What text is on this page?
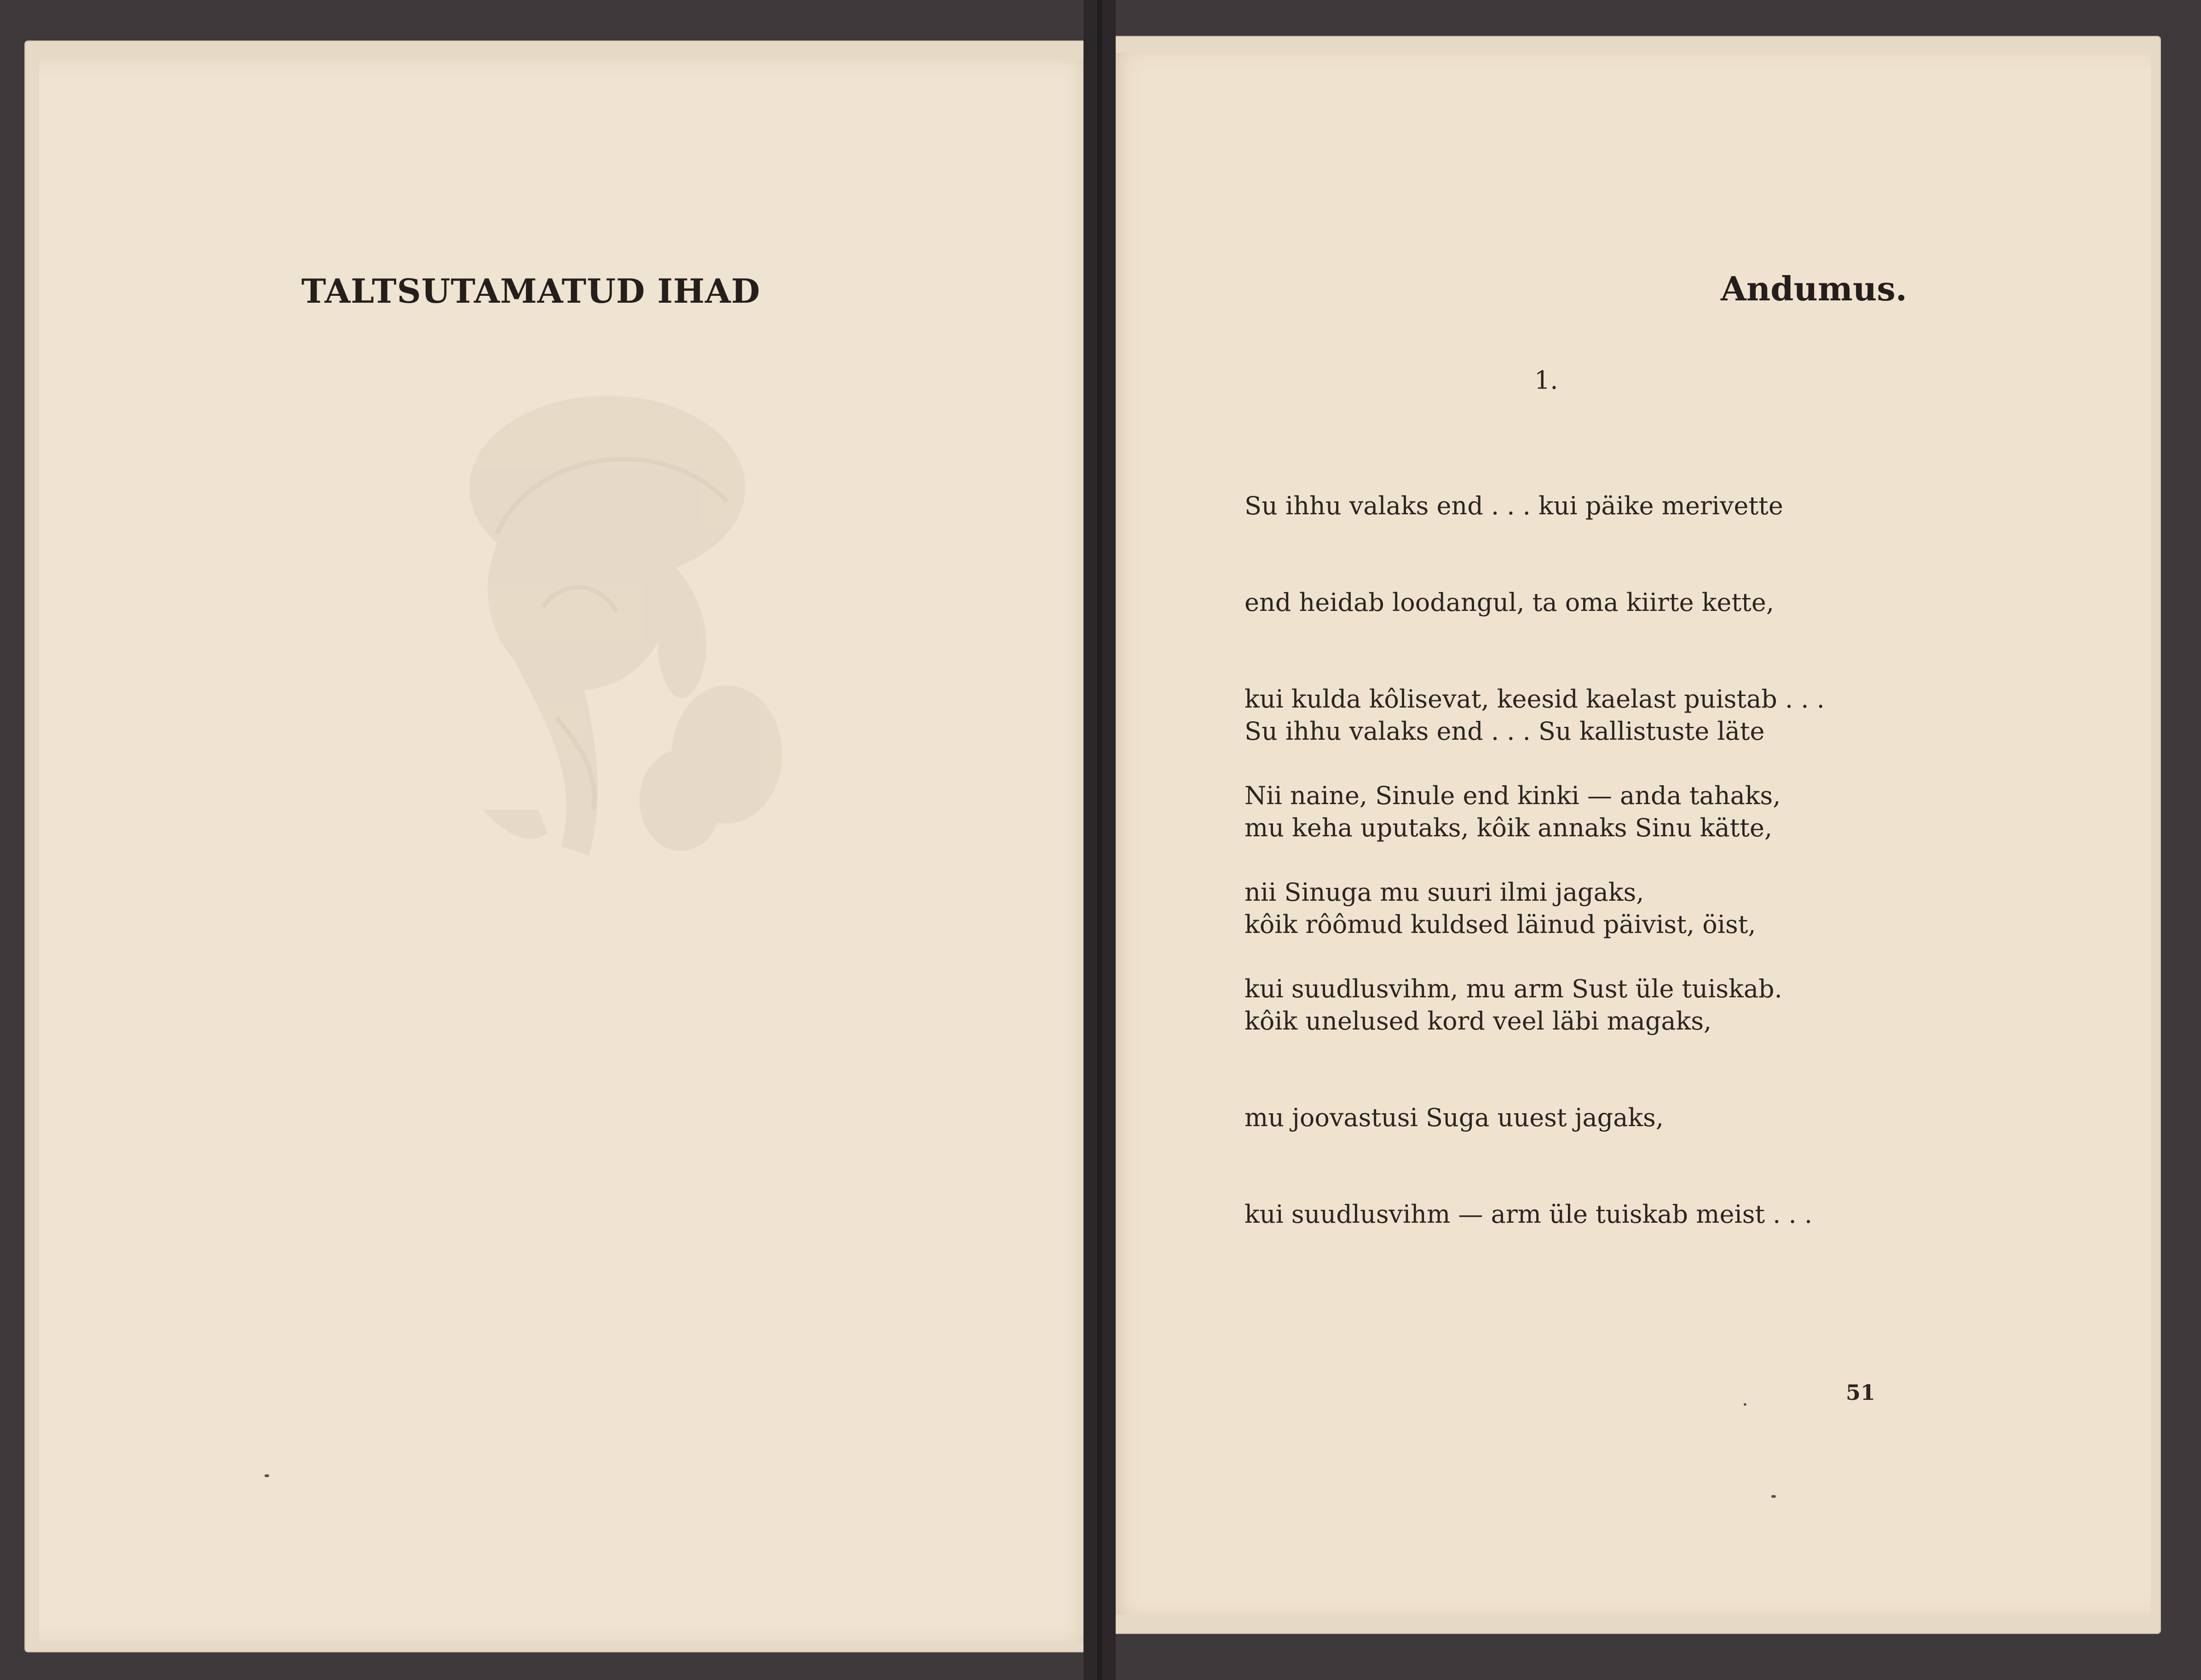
TALTSUTAMATUD IHAD	Andumus.
1.

Su ihhu valaks end . . . kui päike merivette

end heidab loodangul, ta oma kiirte kette,

kui kulda kôlisevat, keesid kaelast puistab . . .

Nii naine, Sinule end kinki — anda tahaks,

nii Sinuga mu suuri ilmi jagaks,

kui suudlusvihm, mu arm Sust üle tuiskab.

Su ihhu valaks end . . . Su kallistuste läte

mu keha uputaks, kôik annaks Sinu kätte,

kôik rôômud kuldsed läinud päivist, öist,

kôik unelused kord veel läbi magaks,

mu joovastusi Suga uuest jagaks,

kui suudlusvihm — arm üle tuiskab meist . . .

51
